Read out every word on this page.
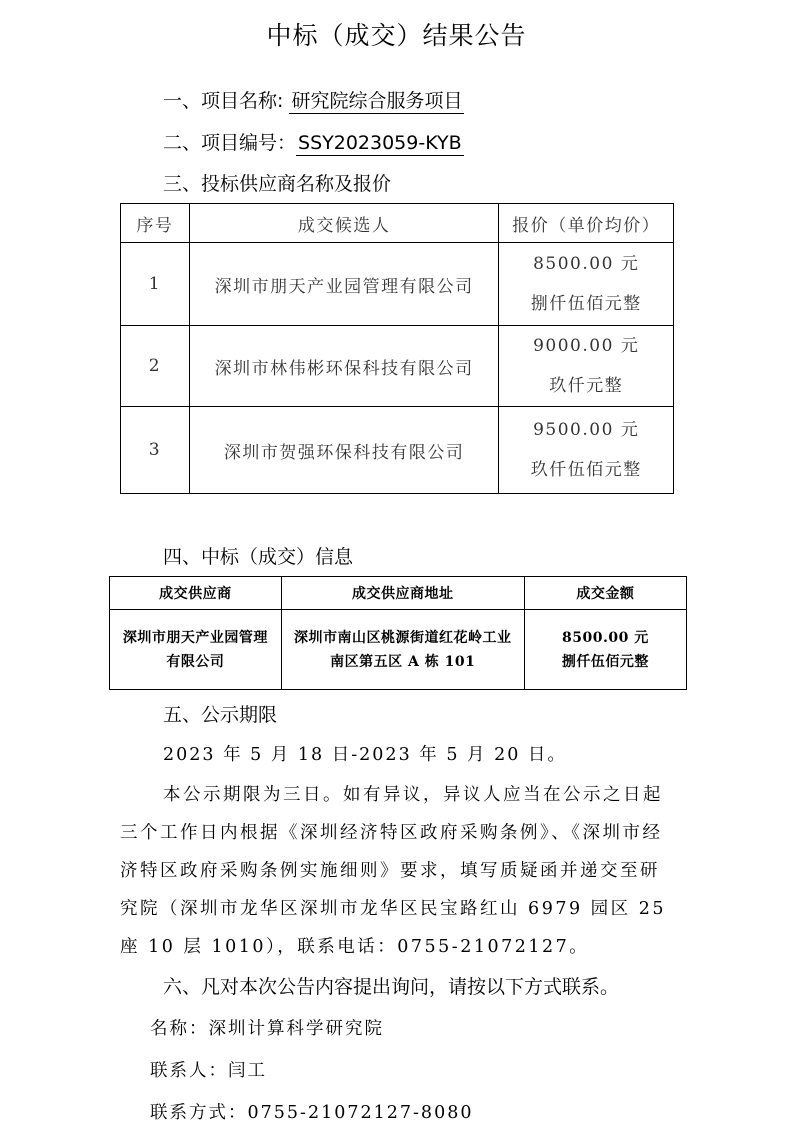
中标（成交）结果公告
一、项目名称: 研究院综合服务项目
二、项目编号： SSY2023059-KYB
三、投标供应商名称及报价
序号	成交候选人	报价（单价均价）
1	深圳市朋天产业园管理有限公司	8500.00 元
捌仟伍佰元整

2	深圳市林伟彬环保科技有限公司	9000.00 元
玖仟元整

3	深圳市贺强环保科技有限公司	9500.00 元
玖仟伍佰元整
四、中标（成交）信息
成交供应商	成交供应商地址	成交金额

深圳市朋天产业园管理有限公司	深圳市南山区桃源街道红花岭工业南区第五区 A 栋 101	8500.00 元
捌仟伍佰元整
五、公示期限
2023 年 5 月 18 日-2023 年 5 月 20 日。
本公示期限为三日。如有异议，异议人应当在公示之日起三个工作日内根据《深圳经济特区政府采购条例》、《深圳市经济特区政府采购条例实施细则》要求，填写质疑函并递交至研究院（深圳市龙华区深圳市龙华区民宝路红山 6979 园区 25 座 10 层 1010），联系电话：0755-21072127。
六、凡对本次公告内容提出询问，请按以下方式联系。
名称：深圳计算科学研究院
联系人：闫工
联系方式：0755-21072127-8080
